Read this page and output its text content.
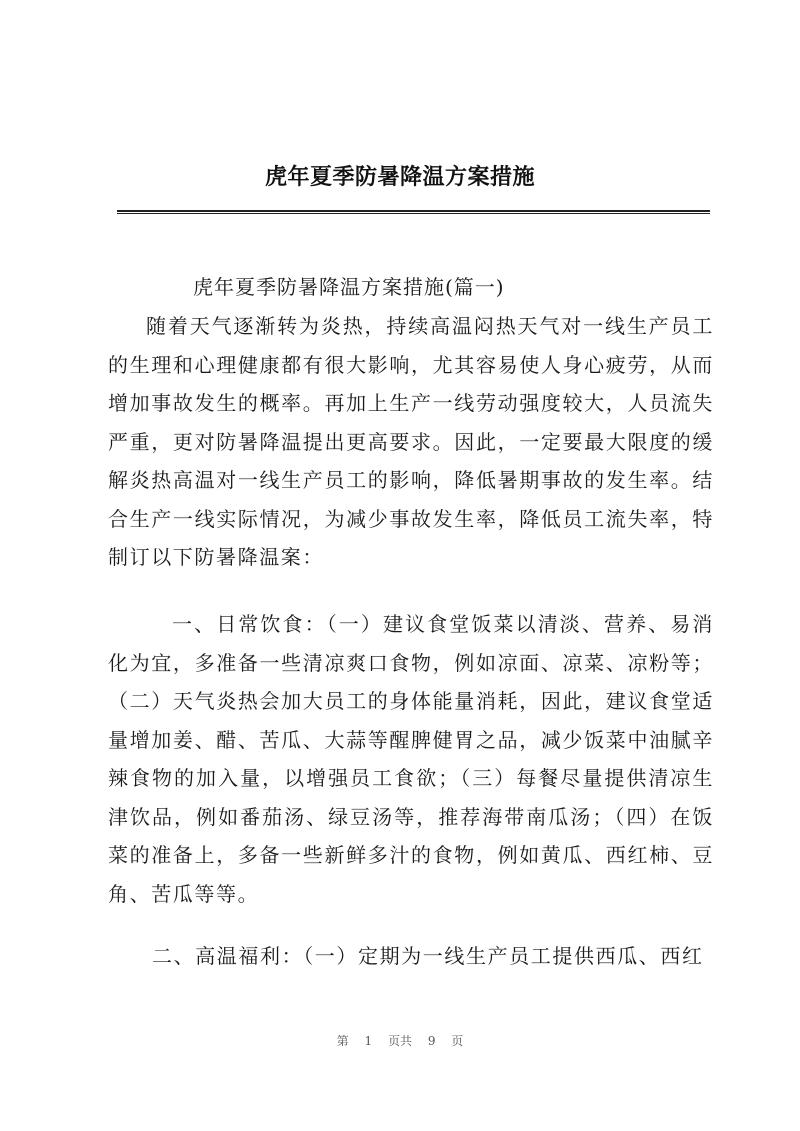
虎年夏季防暑降温方案措施
虎年夏季防暑降温方案措施(篇一)
随着天气逐渐转为炎热，持续高温闷热天气对一线生产员工的生理和心理健康都有很大影响，尤其容易使人身心疲劳，从而增加事故发生的概率。再加上生产一线劳动强度较大，人员流失严重，更对防暑降温提出更高要求。因此，一定要最大限度的缓解炎热高温对一线生产员工的影响，降低暑期事故的发生率。结合生产一线实际情况，为减少事故发生率，降低员工流失率，特制订以下防暑降温案：
一、日常饮食：（一）建议食堂饭菜以清淡、营养、易消化为宜，多准备一些清凉爽口食物，例如凉面、凉菜、凉粉等；（二）天气炎热会加大员工的身体能量消耗，因此，建议食堂适量增加姜、醋、苦瓜、大蒜等醒脾健胃之品，减少饭菜中油腻辛辣食物的加入量，以增强员工食欲；（三）每餐尽量提供清凉生津饮品，例如番茄汤、绿豆汤等，推荐海带南瓜汤；（四）在饭菜的准备上，多备一些新鲜多汁的食物，例如黄瓜、西红柿、豆角、苦瓜等等。
二、高温福利：（一）定期为一线生产员工提供西瓜、西红
第 1 页共 9 页
